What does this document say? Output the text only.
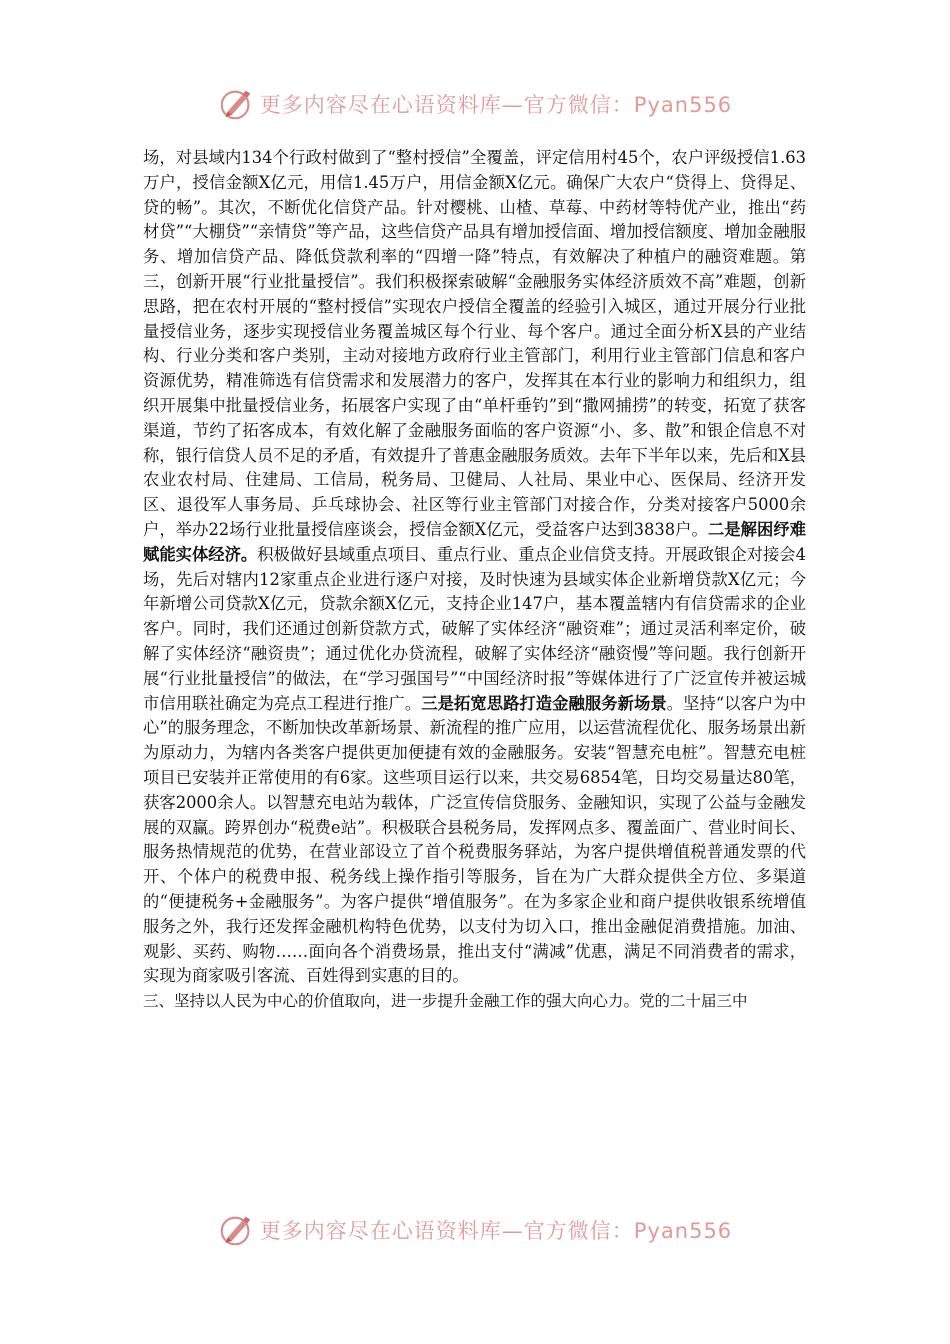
更多内容尽在心语资料库—官方微信：Pyan556

场，对县域内134个行政村做到了“整村授信”全覆盖，评定信用村45个，农户评级授信1.63万户，授信金额X亿元，用信1.45万户，用信金额X亿元。确保广大农户“贷得上、贷得足、贷的畅”。其次，不断优化信贷产品。针对樱桃、山楂、草莓、中药材等特优产业，推出“药材贷”“大棚贷”“亲情贷”等产品，这些信贷产品具有增加授信面、增加授信额度、增加金融服务、增加信贷产品、降低贷款利率的“四增一降”特点，有效解决了种植户的融资难题。第三，创新开展“行业批量授信”。我们积极探索破解“金融服务实体经济质效不高”难题，创新思路，把在农村开展的“整村授信”实现农户授信全覆盖的经验引入城区，通过开展分行业批量授信业务，逐步实现授信业务覆盖城区每个行业、每个客户。通过全面分析X县的产业结构、行业分类和客户类别，主动对接地方政府行业主管部门，利用行业主管部门信息和客户资源优势，精准筛选有信贷需求和发展潜力的客户，发挥其在本行业的影响力和组织力，组织开展集中批量授信业务，拓展客户实现了由“单杆垂钓”到“撒网捕捞”的转变，拓宽了获客渠道，节约了拓客成本，有效化解了金融服务面临的客户资源“小、多、散”和银企信息不对称，银行信贷人员不足的矛盾，有效提升了普惠金融服务质效。去年下半年以来，先后和X县农业农村局、住建局、工信局，税务局、卫健局、人社局、果业中心、医保局、经济开发区、退役军人事务局、乒乓球协会、社区等行业主管部门对接合作，分类对接客户5000余户，举办22场行业批量授信座谈会，授信金额X亿元，受益客户达到3838户。二是解困纾难赋能实体经济。积极做好县域重点项目、重点行业、重点企业信贷支持。开展政银企对接会4场，先后对辖内12家重点企业进行逐户对接，及时快速为县域实体企业新增贷款X亿元；今年新增公司贷款X亿元，贷款余额X亿元，支持企业147户，基本覆盖辖内有信贷需求的企业客户。同时，我们还通过创新贷款方式，破解了实体经济“融资难”；通过灵活利率定价，破解了实体经济“融资贵”；通过优化办贷流程，破解了实体经济“融资慢”等问题。我行创新开展“行业批量授信”的做法，在“学习强国号”“中国经济时报”等媒体进行了广泛宣传并被运城市信用联社确定为亮点工程进行推广。三是拓宽思路打造金融服务新场景。坚持“以客户为中心”的服务理念，不断加快改革新场景、新流程的推广应用，以运营流程优化、服务场景出新为原动力，为辖内各类客户提供更加便捷有效的金融服务。安装“智慧充电桩”。智慧充电桩项目已安装并正常使用的有6家。这些项目运行以来，共交易6854笔，日均交易量达80笔，获客2000余人。以智慧充电站为载体，广泛宣传信贷服务、金融知识，实现了公益与金融发展的双赢。跨界创办“税费e站”。积极联合县税务局，发挥网点多、覆盖面广、营业时间长、服务热情规范的优势，在营业部设立了首个税费服务驿站，为客户提供增值税普通发票的代开、个体户的税费申报、税务线上操作指引等服务，旨在为广大群众提供全方位、多渠道的“便捷税务+金融服务”。为客户提供“增值服务”。在为多家企业和商户提供收银系统增值服务之外，我行还发挥金融机构特色优势，以支付为切入口，推出金融促消费措施。加油、观影、买药、购物……面向各个消费场景，推出支付“满减”优惠，满足不同消费者的需求，实现为商家吸引客流、百姓得到实惠的目的。

三、坚持以人民为中心的价值取向，进一步提升金融工作的强大向心力。党的二十届三中

更多内容尽在心语资料库—官方微信：Pyan556
